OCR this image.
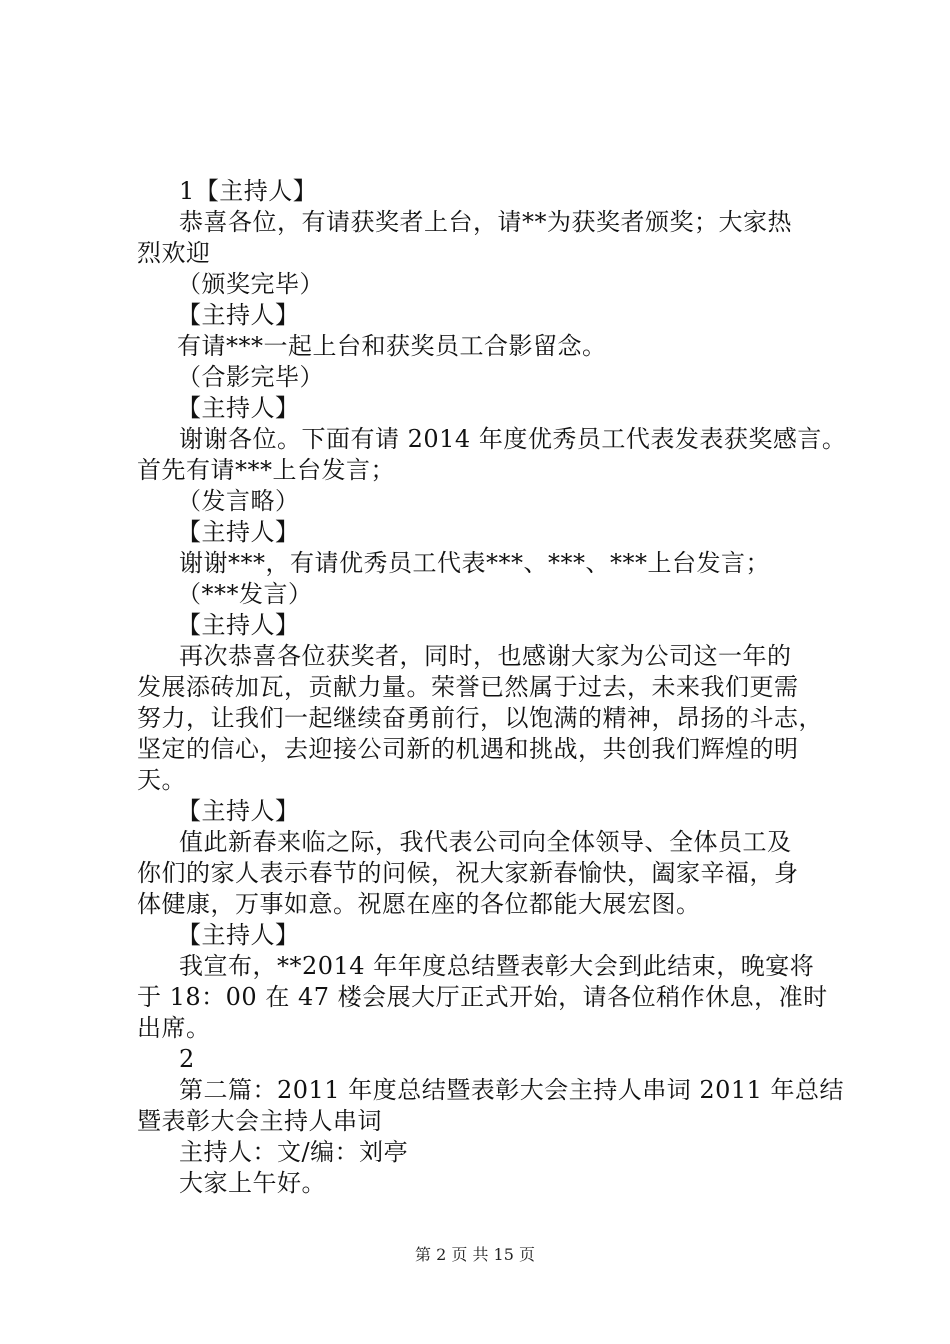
1【主持人】
恭喜各位，有请获奖者上台，请**为获奖者颁奖；大家热
烈欢迎
（颁奖完毕）
【主持人】
有请***一起上台和获奖员工合影留念。
（合影完毕）
【主持人】
谢谢各位。下面有请 2014 年度优秀员工代表发表获奖感言。
首先有请***上台发言；
（发言略）
【主持人】
谢谢***，有请优秀员工代表***、***、***上台发言；
（***发言）
【主持人】
再次恭喜各位获奖者，同时，也感谢大家为公司这一年的
发展添砖加瓦，贡献力量。荣誉已然属于过去，未来我们更需
努力，让我们一起继续奋勇前行，以饱满的精神，昂扬的斗志，
坚定的信心，去迎接公司新的机遇和挑战，共创我们辉煌的明
天。
【主持人】
值此新春来临之际，我代表公司向全体领导、全体员工及
你们的家人表示春节的问候，祝大家新春愉快，阖家辛福，身
体健康，万事如意。祝愿在座的各位都能大展宏图。
【主持人】
我宣布，**2014 年年度总结暨表彰大会到此结束，晚宴将
于 18：00 在 47 楼会展大厅正式开始，请各位稍作休息，准时
出席。
2
第二篇：2011 年度总结暨表彰大会主持人串词 2011 年总结
暨表彰大会主持人串词
主持人：文/编：刘亭
大家上午好。
第 2 页 共 15 页
